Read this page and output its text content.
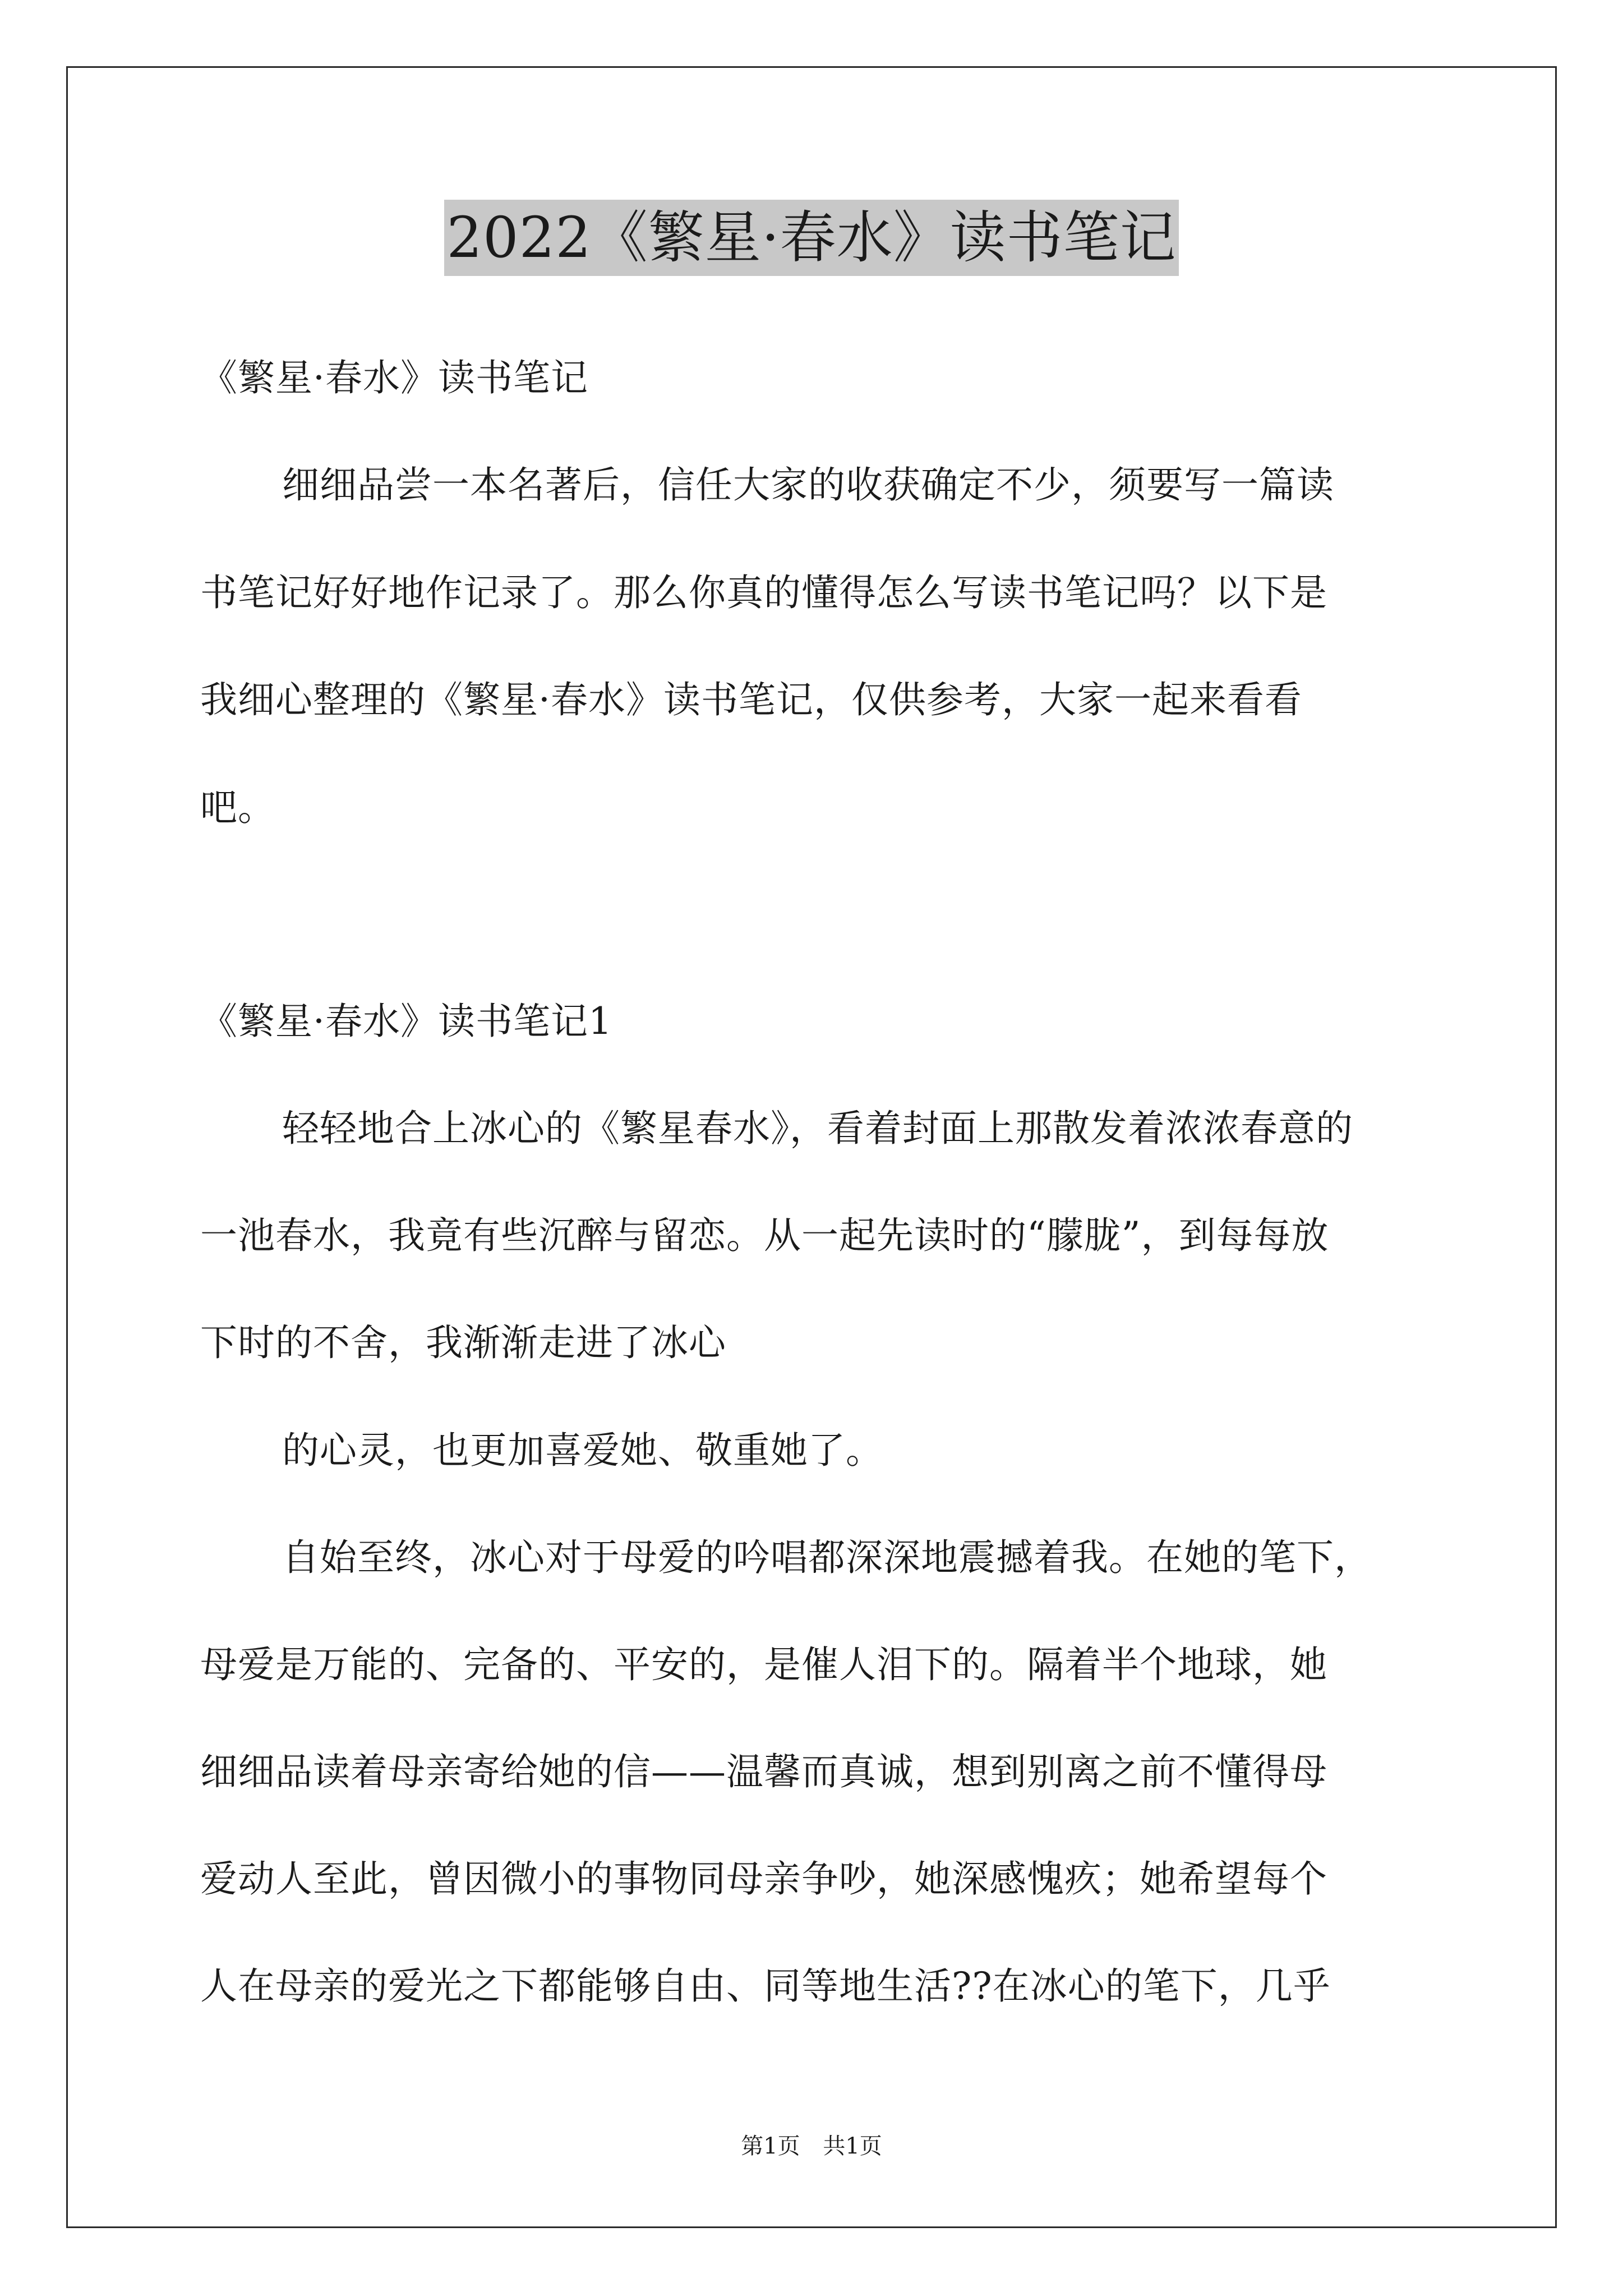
2022《繁星·春水》读书笔记
《繁星·春水》读书笔记
细细品尝一本名著后，信任大家的收获确定不少，须要写一篇读
书笔记好好地作记录了。那么你真的懂得怎么写读书笔记吗？以下是
我细心整理的《繁星·春水》读书笔记，仅供参考，大家一起来看看
吧。
《繁星·春水》读书笔记1
轻轻地合上冰心的《繁星春水》，看着封面上那散发着浓浓春意的
一池春水，我竟有些沉醉与留恋。从一起先读时的“朦胧”，到每每放
下时的不舍，我渐渐走进了冰心
的心灵，也更加喜爱她、敬重她了。
自始至终，冰心对于母爱的吟唱都深深地震撼着我。在她的笔下，
母爱是万能的、完备的、平安的，是催人泪下的。隔着半个地球，她
细细品读着母亲寄给她的信——温馨而真诚，想到别离之前不懂得母
爱动人至此，曾因微小的事物同母亲争吵，她深感愧疚；她希望每个
人在母亲的爱光之下都能够自由、同等地生活??在冰心的笔下，几乎
第1页 共1页
